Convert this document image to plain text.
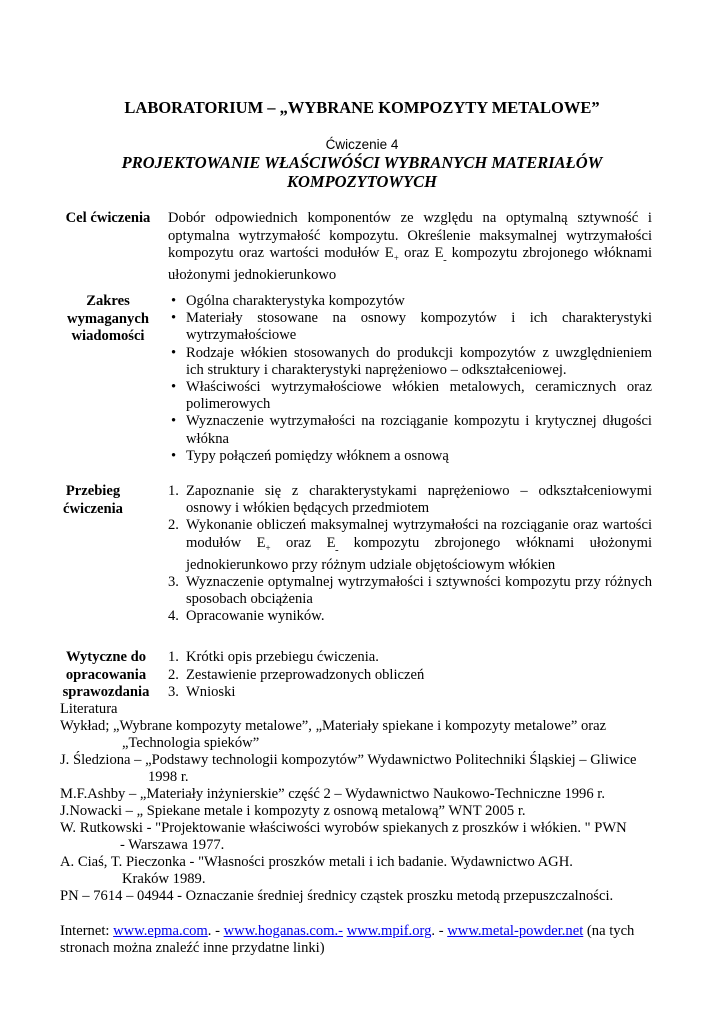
LABORATORIUM – „WYBRANE KOMPOZYTY METALOWE”
Ćwiczenie 4
PROJEKTOWANIE WŁAŚCIWÓŚCI WYBRANYCH MATERIAŁÓW
KOMPOZYTOWYCH
Cel ćwiczenia	Dobór odpowiednich komponentów ze względu na optymalną sztywność i optymalna wytrzymałość kompozytu. Określenie maksymalnej wytrzymałości kompozytu oraz wartości modułów $E_+$ oraz $E_ـ$ kompozytu zbrojonego włóknami ułożonymi jednokierunkowo
Zakres
wymaganych
wiadomości
• Ogólna charakterystyka kompozytów
• Materiały stosowane na osnowy kompozytów i ich charakterystyki wytrzymałościowe
• Rodzaje włókien stosowanych do produkcji kompozytów z uwzględnieniem ich struktury i charakterystyki naprężeniowo – odkształceniowej.
• Właściwości wytrzymałościowe włókien metalowych, ceramicznych oraz polimerowych
• Wyznaczenie wytrzymałości na rozciąganie kompozytu i krytycznej długości włókna
• Typy połączeń pomiędzy włóknem a osnową
Przebieg
ćwiczenia
1. Zapoznanie się z charakterystykami naprężeniowo – odkształceniowymi osnowy i włókien będących przedmiotem
2. Wykonanie obliczeń maksymalnej wytrzymałości na rozciąganie oraz wartości modułów $E_+$ oraz $E_ـ$ kompozytu zbrojonego włóknami ułożonymi jednokierunkowo przy różnym udziale objętościowym włókien
3. Wyznaczenie optymalnej wytrzymałości i sztywności kompozytu przy różnych sposobach obciążenia
4. Opracowanie wyników.
Wytyczne do
opracowania
sprawozdania
1. Krótki opis przebiegu ćwiczenia.
2. Zestawienie przeprowadzonych obliczeń
3. Wnioski
Literatura
Wykład; „Wybrane kompozyty metalowe”, „Materiały spiekane i kompozyty metalowe” oraz
„Technologia spieków”
J. Śledziona – „Podstawy technologii kompozytów” Wydawnictwo Politechniki Śląskiej – Gliwice
1998 r.
M.F.Ashby – „Materiały inżynierskie” część 2 – Wydawnictwo Naukowo-Techniczne 1996 r.
J.Nowacki – „ Spiekane metale i kompozyty z osnową metalową” WNT 2005 r.
W. Rutkowski - "Projektowanie właściwości wyrobów spiekanych z proszków i włókien. " PWN
- Warszawa 1977.
A. Ciaś, T. Pieczonka - "Własności proszków metali i ich badanie. Wydawnictwo AGH.
Kraków 1989.
PN – 7614 – 04944 - Oznaczanie średniej średnicy cząstek proszku metodą przepuszczalności.
Internet: www.epma.com. - www.hoganas.com.- www.mpif.org. - www.metal-powder.net (na tych
stronach można znaleźć inne przydatne linki)
